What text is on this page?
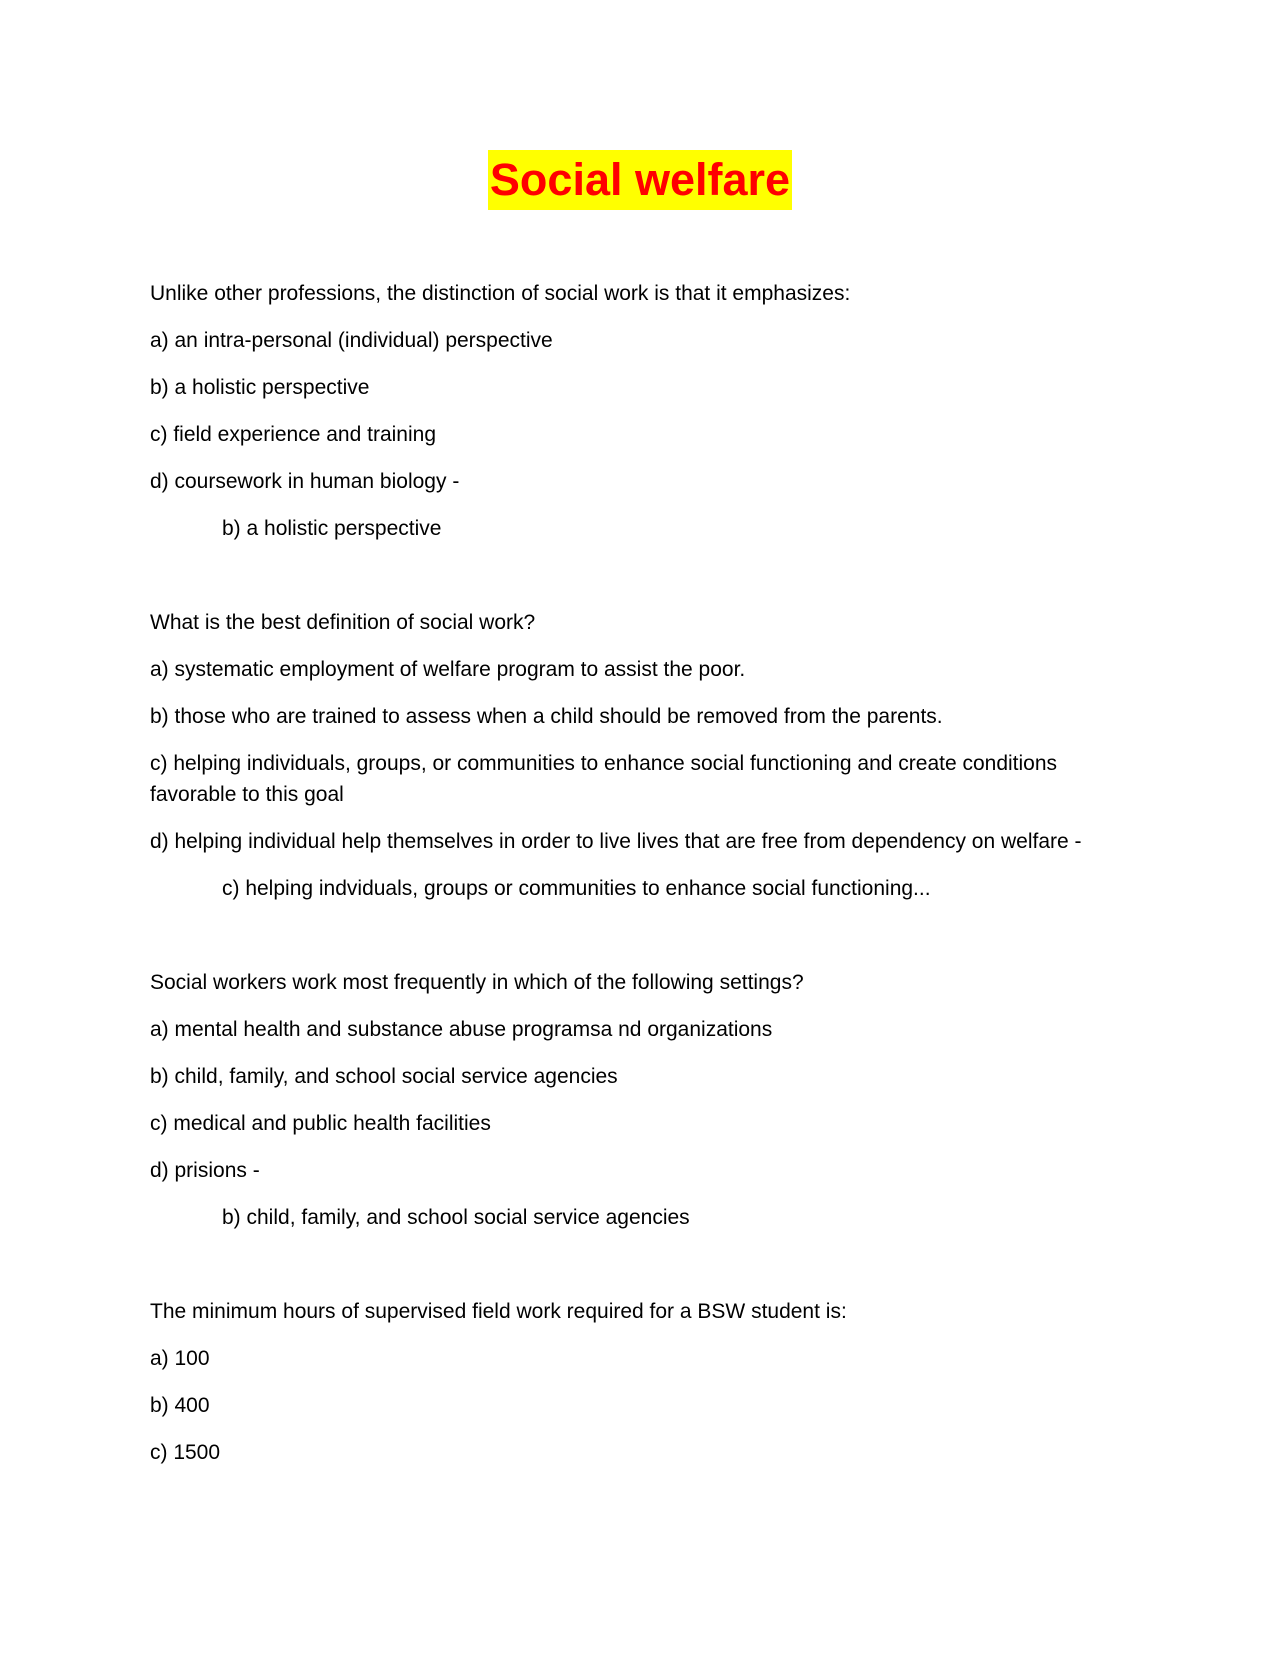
Social welfare

Unlike other professions, the distinction of social work is that it emphasizes:

a) an intra-personal (individual) perspective

b) a holistic perspective

c) field experience and training

d) coursework in human biology -

b) a holistic perspective

What is the best definition of social work?

a) systematic employment of welfare program to assist the poor.

b) those who are trained to assess when a child should be removed from the parents.

c) helping individuals, groups, or communities to enhance social functioning and create conditions favorable to this goal

d) helping individual help themselves in order to live lives that are free from dependency on welfare -

c) helping indviduals, groups or communities to enhance social functioning...

Social workers work most frequently in which of the following settings?

a) mental health and substance abuse programsa nd organizations

b) child, family, and school social service agencies

c) medical and public health facilities

d) prisions -

b) child, family, and school social service agencies

The minimum hours of supervised field work required for a BSW student is:

a) 100

b) 400

c) 1500
